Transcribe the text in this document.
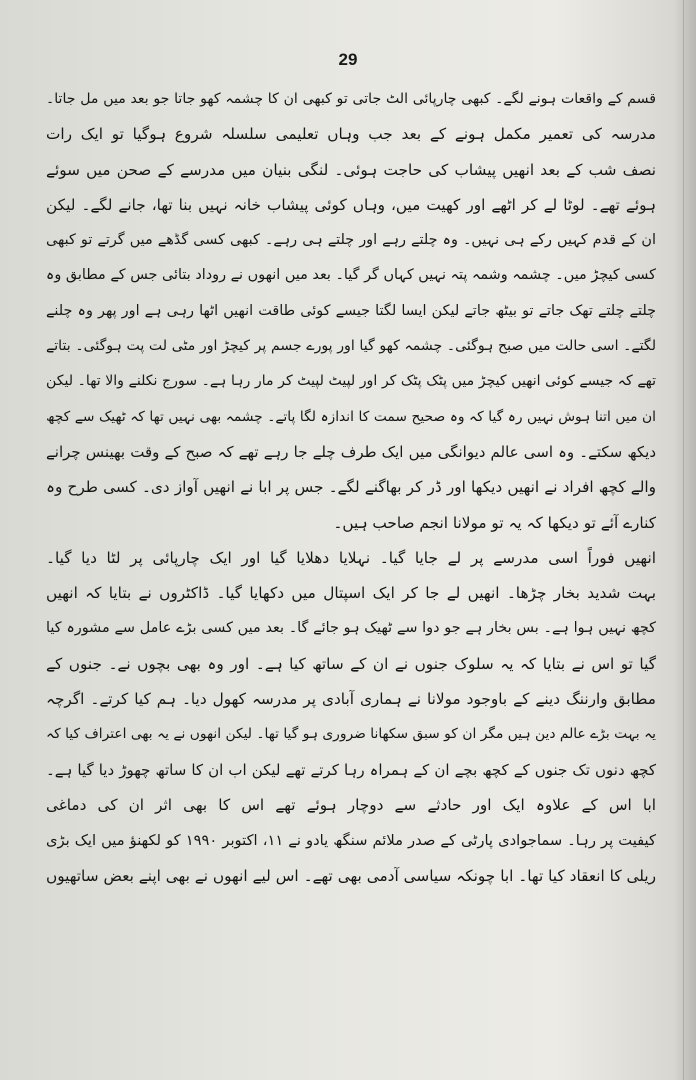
29
قسم کے واقعات ہونے لگے۔ کبھی چارپائی الٹ جاتی تو کبھی ان کا چشمہ کھو جاتا جو بعد میں مل جاتا۔
مدرسہ کی تعمیر مکمل ہونے کے بعد جب وہاں تعلیمی سلسلہ شروع ہوگیا تو ایک رات
نصف شب کے بعد انھیں پیشاب کی حاجت ہوئی۔ لنگی بنیان میں مدرسے کے صحن میں سوئے
ہوئے تھے۔ لوٹا لے کر اٹھے اور کھیت میں، وہاں کوئی پیشاب خانہ نہیں بنا تھا، جانے لگے۔ لیکن
ان کے قدم کہیں رکے ہی نہیں۔ وہ چلتے رہے اور چلتے ہی رہے۔ کبھی کسی گڈھے میں گرتے تو کبھی
کسی کیچڑ میں۔ چشمہ وشمہ پتہ نہیں کہاں گر گیا۔ بعد میں انھوں نے روداد بتائی جس کے مطابق وہ
چلتے چلتے تھک جاتے تو بیٹھ جاتے لیکن ایسا لگتا جیسے کوئی طاقت انھیں اٹھا رہی ہے اور پھر وہ چلنے
لگتے۔ اسی حالت میں صبح ہوگئی۔ چشمہ کھو گیا اور پورے جسم پر کیچڑ اور مٹی لت پت ہوگئی۔ بتاتے
تھے کہ جیسے کوئی انھیں کیچڑ میں پٹک پٹک کر اور لپیٹ لپیٹ کر مار رہا ہے۔ سورج نکلنے والا تھا۔ لیکن
ان میں اتنا ہوش نہیں رہ گیا کہ وہ صحیح سمت کا اندازہ لگا پاتے۔ چشمہ بھی نہیں تھا کہ ٹھیک سے کچھ
دیکھ سکتے۔ وہ اسی عالم دیوانگی میں ایک طرف چلے جا رہے تھے کہ صبح کے وقت بھینس چرانے
والے کچھ افراد نے انھیں دیکھا اور ڈر کر بھاگنے لگے۔ جس پر ابا نے انھیں آواز دی۔ کسی طرح وہ
کنارے آئے تو دیکھا کہ یہ تو مولانا انجم صاحب ہیں۔
انھیں فوراً اسی مدرسے پر لے جایا گیا۔ نہلایا دھلایا گیا اور ایک چارپائی پر لٹا دیا گیا۔
بہت شدید بخار چڑھا۔ انھیں لے جا کر ایک اسپتال میں دکھایا گیا۔ ڈاکٹروں نے بتایا کہ انھیں
کچھ نہیں ہوا ہے۔ بس بخار ہے جو دوا سے ٹھیک ہو جائے گا۔ بعد میں کسی بڑے عامل سے مشورہ کیا
گیا تو اس نے بتایا کہ یہ سلوک جنوں نے ان کے ساتھ کیا ہے۔ اور وہ بھی بچوں نے۔ جنوں کے
مطابق وارننگ دینے کے باوجود مولانا نے ہماری آبادی پر مدرسہ کھول دیا۔ ہم کیا کرتے۔ اگرچہ
یہ بہت بڑے عالم دین ہیں مگر ان کو سبق سکھانا ضروری ہو گیا تھا۔ لیکن انھوں نے یہ بھی اعتراف کیا کہ
کچھ دنوں تک جنوں کے کچھ بچے ان کے ہمراہ رہا کرتے تھے لیکن اب ان کا ساتھ چھوڑ دیا گیا ہے۔
ابا اس کے علاوہ ایک اور حادثے سے دوچار ہوئے تھے اس کا بھی اثر ان کی دماغی
کیفیت پر رہا۔ سماجوادی پارٹی کے صدر ملائم سنگھ یادو نے ۱۱، اکتوبر ۱۹۹۰ کو لکھنؤ میں ایک بڑی
ریلی کا انعقاد کیا تھا۔ ابا چونکہ سیاسی آدمی بھی تھے۔ اس لیے انھوں نے بھی اپنے بعض ساتھیوں
